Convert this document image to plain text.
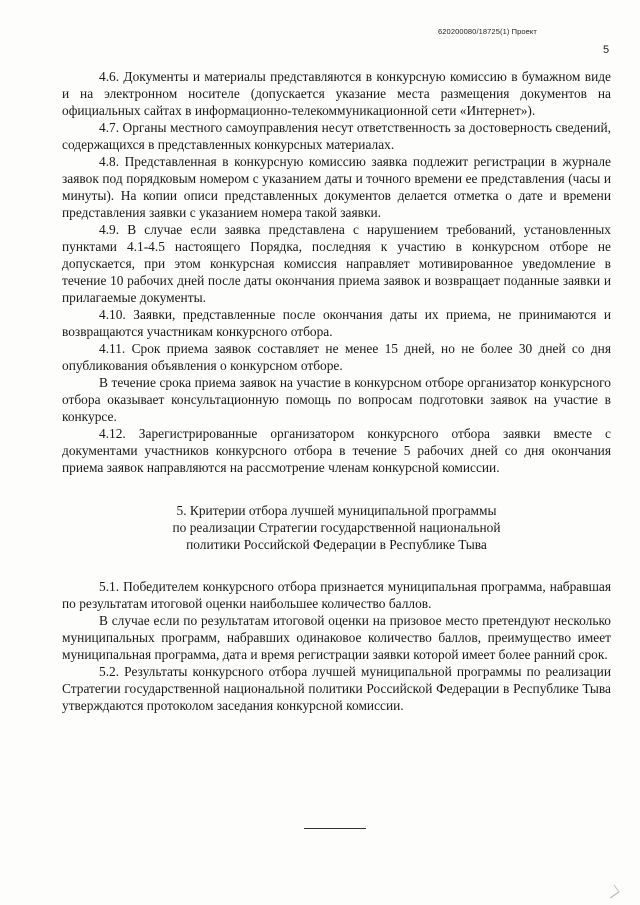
620200080/18725(1) Проект
5

4.6. Документы и материалы представляются в конкурсную комиссию в бумажном виде и на электронном носителе (допускается указание места размещения документов на официальных сайтах в информационно-телекоммуникационной сети «Интернет»).

4.7. Органы местного самоуправления несут ответственность за достоверность сведений, содержащихся в представленных конкурсных материалах.

4.8. Представленная в конкурсную комиссию заявка подлежит регистрации в журнале заявок под порядковым номером с указанием даты и точного времени ее представления (часы и минуты). На копии описи представленных документов делается отметка о дате и времени представления заявки с указанием номера такой заявки.

4.9. В случае если заявка представлена с нарушением требований, установленных пунктами 4.1-4.5 настоящего Порядка, последняя к участию в конкурсном отборе не допускается, при этом конкурсная комиссия направляет мотивированное уведомление в течение 10 рабочих дней после даты окончания приема заявок и возвращает поданные заявки и прилагаемые документы.

4.10. Заявки, представленные после окончания даты их приема, не принимаются и возвращаются участникам конкурсного отбора.

4.11. Срок приема заявок составляет не менее 15 дней, но не более 30 дней со дня опубликования объявления о конкурсном отборе.

В течение срока приема заявок на участие в конкурсном отборе организатор конкурсного отбора оказывает консультационную помощь по вопросам подготовки заявок на участие в конкурсе.

4.12. Зарегистрированные организатором конкурсного отбора заявки вместе с документами участников конкурсного отбора в течение 5 рабочих дней со дня окончания приема заявок направляются на рассмотрение членам конкурсной комиссии.

5. Критерии отбора лучшей муниципальной программы
по реализации Стратегии государственной национальной
политики Российской Федерации в Республике Тыва

5.1. Победителем конкурсного отбора признается муниципальная программа, набравшая по результатам итоговой оценки наибольшее количество баллов.

В случае если по результатам итоговой оценки на призовое место претендуют несколько муниципальных программ, набравших одинаковое количество баллов, преимущество имеет муниципальная программа, дата и время регистрации заявки которой имеет более ранний срок.

5.2. Результаты конкурсного отбора лучшей муниципальной программы по реализации Стратегии государственной национальной политики Российской Федерации в Республике Тыва утверждаются протоколом заседания конкурсной комиссии.
